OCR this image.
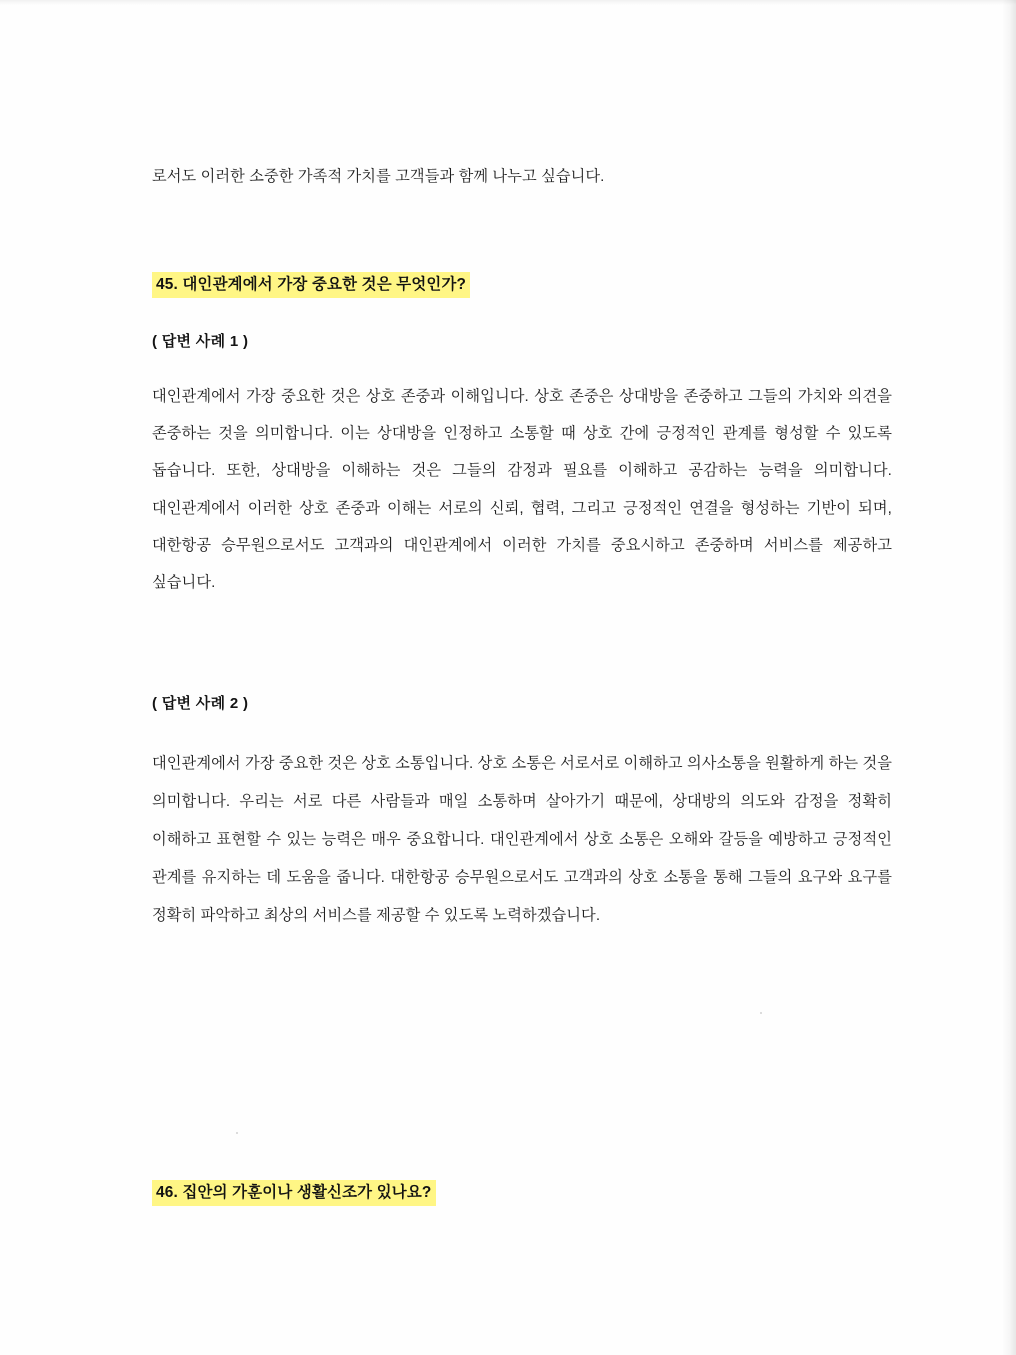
로서도 이러한 소중한 가족적 가치를 고객들과 함께 나누고 싶습니다.

45. 대인관계에서 가장 중요한 것은 무엇인가?
( 답변 사례 1 )

대인관계에서 가장 중요한 것은 상호 존중과 이해입니다. 상호 존중은 상대방을 존중하고 그들의 가치와 의견을 존중하는 것을 의미합니다. 이는 상대방을 인정하고 소통할 때 상호 간에 긍정적인 관계를 형성할 수 있도록 돕습니다. 또한, 상대방을 이해하는 것은 그들의 감정과 필요를 이해하고 공감하는 능력을 의미합니다. 대인관계에서 이러한 상호 존중과 이해는 서로의 신뢰, 협력, 그리고 긍정적인 연결을 형성하는 기반이 되며, 대한항공 승무원으로서도 고객과의 대인관계에서 이러한 가치를 중요시하고 존중하며 서비스를 제공하고 싶습니다.

( 답변 사례 2 )

대인관계에서 가장 중요한 것은 상호 소통입니다. 상호 소통은 서로서로 이해하고 의사소통을 원활하게 하는 것을 의미합니다. 우리는 서로 다른 사람들과 매일 소통하며 살아가기 때문에, 상대방의 의도와 감정을 정확히 이해하고 표현할 수 있는 능력은 매우 중요합니다. 대인관계에서 상호 소통은 오해와 갈등을 예방하고 긍정적인 관계를 유지하는 데 도움을 줍니다. 대한항공 승무원으로서도 고객과의 상호 소통을 통해 그들의 요구와 요구를 정확히 파악하고 최상의 서비스를 제공할 수 있도록 노력하겠습니다.

46. 집안의 가훈이나 생활신조가 있나요?
